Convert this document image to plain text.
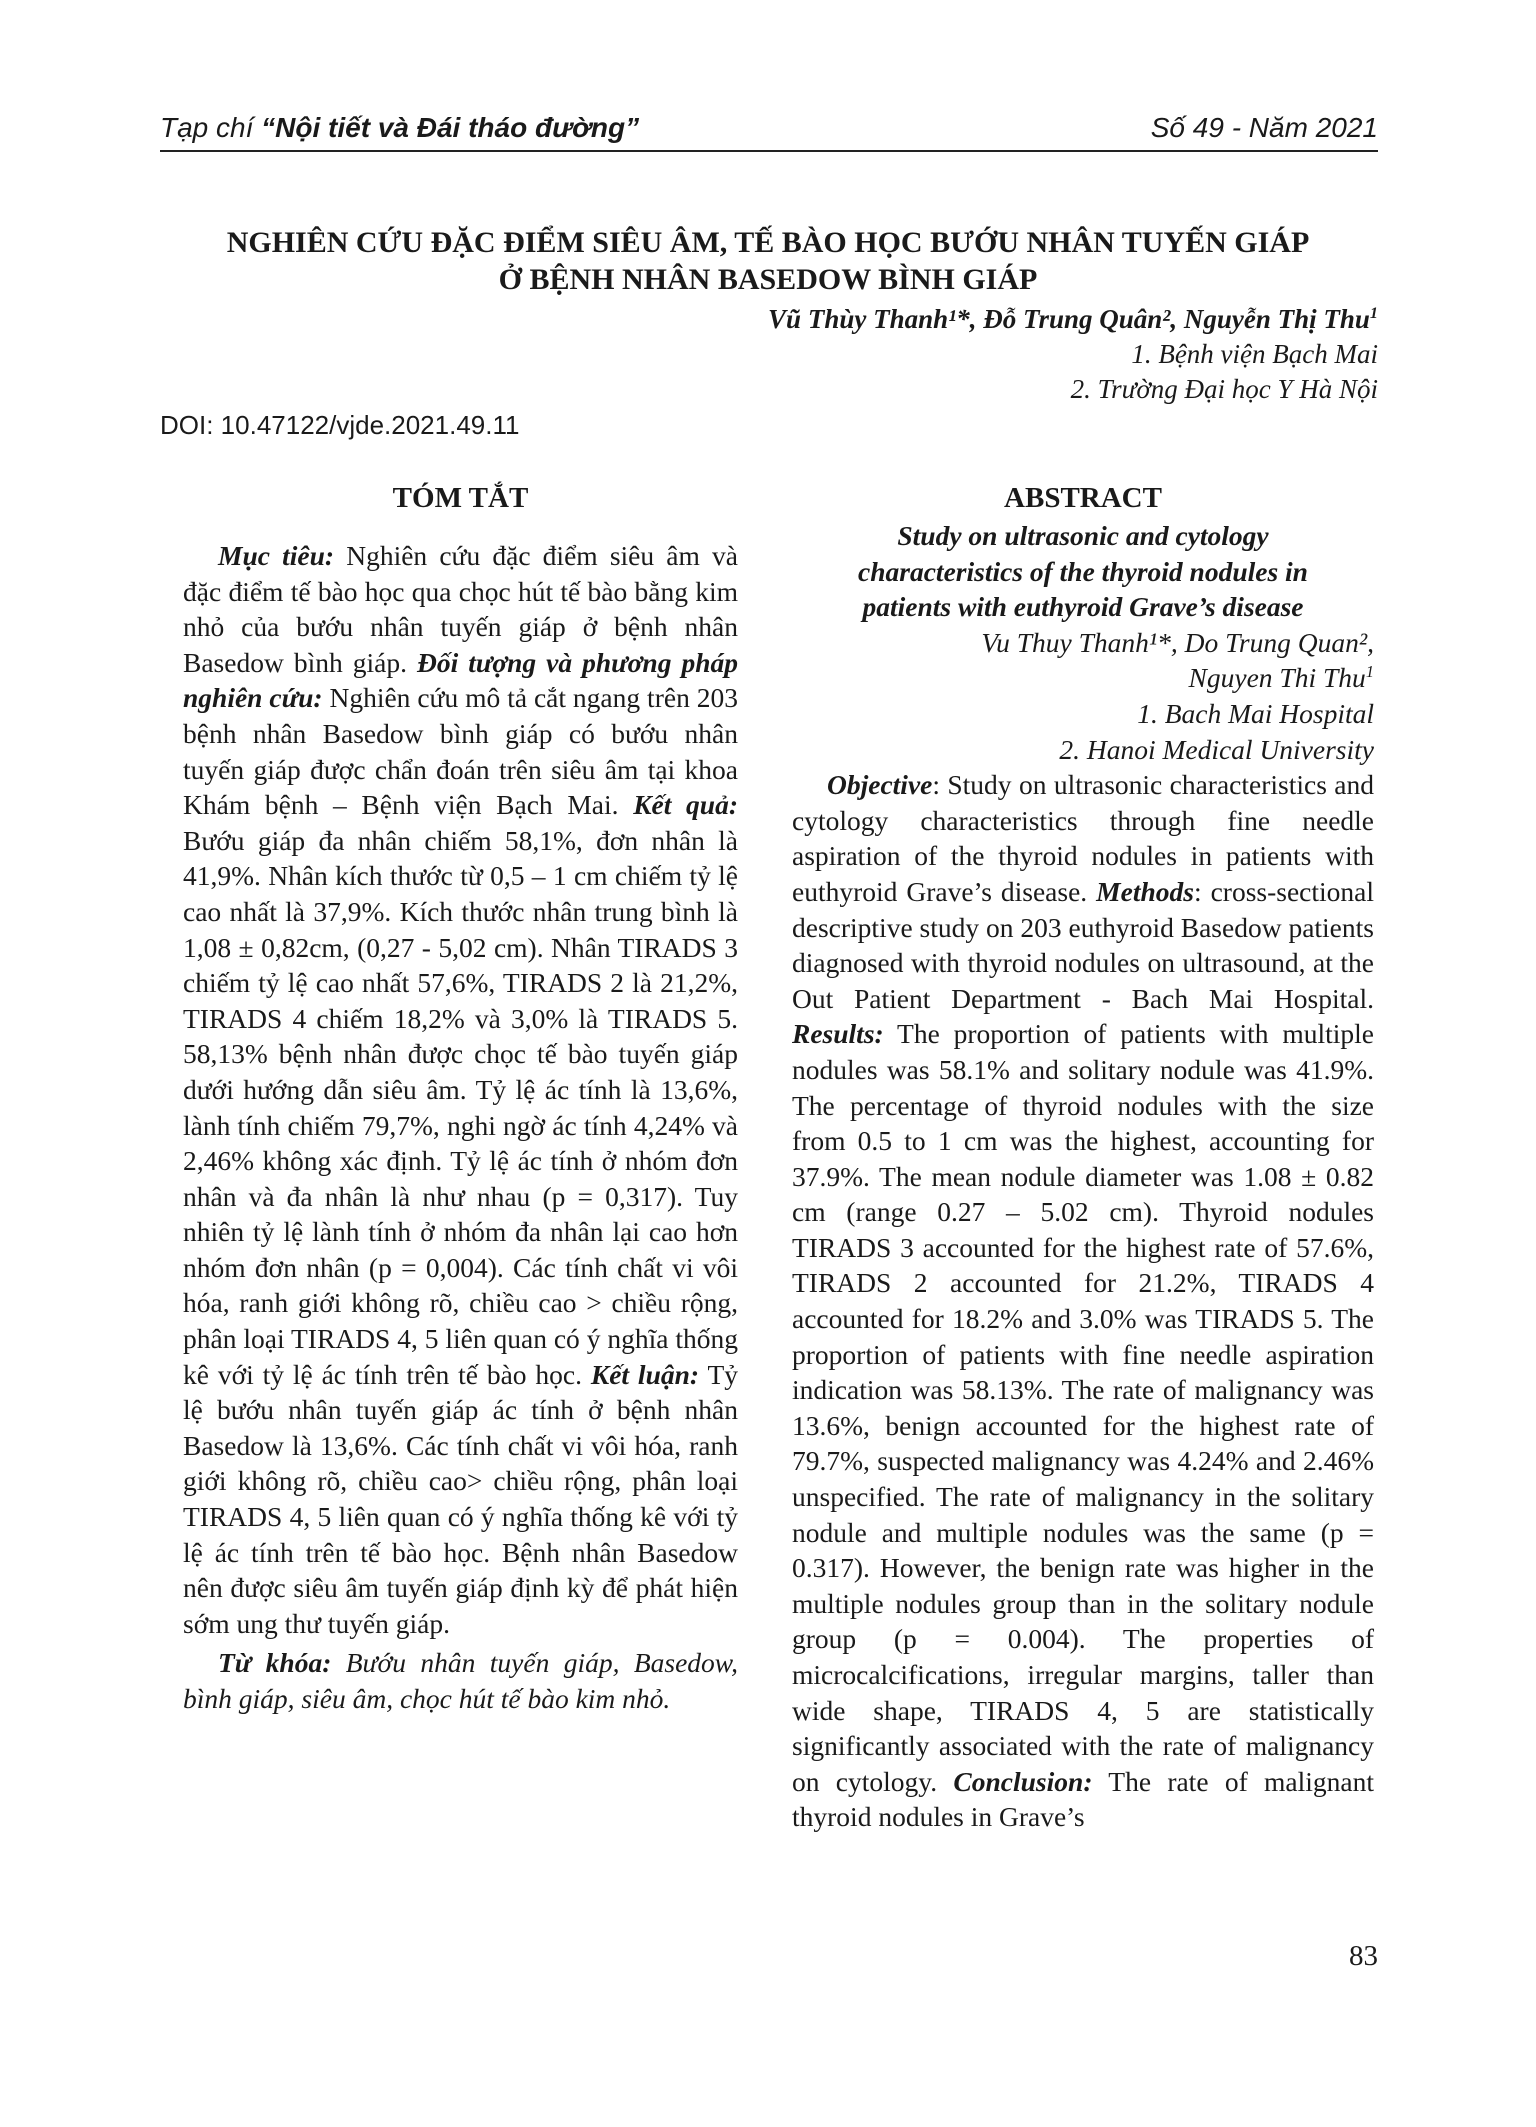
Tạp chí “Nội tiết và Đái tháo đường”	Số 49 - Năm 2021
NGHIÊN CỨU ĐẶC ĐIỂM SIÊU ÂM, TẾ BÀO HỌC BƯỚU NHÂN TUYẾN GIÁP
Ở BỆNH NHÂN BASEDOW BÌNH GIÁP
Vũ Thùy Thanh¹*, Đỗ Trung Quân², Nguyễn Thị Thu$^1$
1. Bệnh viện Bạch Mai
2. Trường Đại học Y Hà Nội
DOI: 10.47122/vjde.2021.49.11
TÓM TẮT

Mục tiêu: Nghiên cứu đặc điểm siêu âm và đặc điểm tế bào học qua chọc hút tế bào bằng kim nhỏ của bướu nhân tuyến giáp ở bệnh nhân Basedow bình giáp. Đối tượng và phương pháp nghiên cứu: Nghiên cứu mô tả cắt ngang trên 203 bệnh nhân Basedow bình giáp có bướu nhân tuyến giáp được chẩn đoán trên siêu âm tại khoa Khám bệnh – Bệnh viện Bạch Mai. Kết quả: Bướu giáp đa nhân chiếm 58,1%, đơn nhân là 41,9%. Nhân kích thước từ 0,5 – 1 cm chiếm tỷ lệ cao nhất là 37,9%. Kích thước nhân trung bình là 1,08 ± 0,82cm, (0,27 - 5,02 cm). Nhân TIRADS 3 chiếm tỷ lệ cao nhất 57,6%, TIRADS 2 là 21,2%, TIRADS 4 chiếm 18,2% và 3,0% là TIRADS 5. 58,13% bệnh nhân được chọc tế bào tuyến giáp dưới hướng dẫn siêu âm. Tỷ lệ ác tính là 13,6%, lành tính chiếm 79,7%, nghi ngờ ác tính 4,24% và 2,46% không xác định. Tỷ lệ ác tính ở nhóm đơn nhân và đa nhân là như nhau (p = 0,317). Tuy nhiên tỷ lệ lành tính ở nhóm đa nhân lại cao hơn nhóm đơn nhân (p = 0,004). Các tính chất vi vôi hóa, ranh giới không rõ, chiều cao > chiều rộng, phân loại TIRADS 4, 5 liên quan có ý nghĩa thống kê với tỷ lệ ác tính trên tế bào học. Kết luận: Tỷ lệ bướu nhân tuyến giáp ác tính ở bệnh nhân Basedow là 13,6%. Các tính chất vi vôi hóa, ranh giới không rõ, chiều cao> chiều rộng, phân loại TIRADS 4, 5 liên quan có ý nghĩa thống kê với tỷ lệ ác tính trên tế bào học. Bệnh nhân Basedow nên được siêu âm tuyến giáp định kỳ để phát hiện sớm ung thư tuyến giáp.

Từ khóa: Bướu nhân tuyến giáp, Basedow, bình giáp, siêu âm, chọc hút tế bào kim nhỏ.

ABSTRACT
Study on ultrasonic and cytology
characteristics of the thyroid nodules in
patients with euthyroid Grave’s disease
Vu Thuy Thanh¹*, Do Trung Quan²,
Nguyen Thi Thu$^1$
1. Bach Mai Hospital
2. Hanoi Medical University

Objective: Study on ultrasonic characteristics and cytology characteristics through fine needle aspiration of the thyroid nodules in patients with euthyroid Grave’s disease. Methods: cross-sectional descriptive study on 203 euthyroid Basedow patients diagnosed with thyroid nodules on ultrasound, at the Out Patient Department - Bach Mai Hospital. Results: The proportion of patients with multiple nodules was 58.1% and solitary nodule was 41.9%. The percentage of thyroid nodules with the size from 0.5 to 1 cm was the highest, accounting for 37.9%. The mean nodule diameter was 1.08 ± 0.82 cm (range 0.27 – 5.02 cm). Thyroid nodules TIRADS 3 accounted for the highest rate of 57.6%, TIRADS 2 accounted for 21.2%, TIRADS 4 accounted for 18.2% and 3.0% was TIRADS 5. The proportion of patients with fine needle aspiration indication was 58.13%. The rate of malignancy was 13.6%, benign accounted for the highest rate of 79.7%, suspected malignancy was 4.24% and 2.46% unspecified. The rate of malignancy in the solitary nodule and multiple nodules was the same (p = 0.317). However, the benign rate was higher in the multiple nodules group than in the solitary nodule group (p = 0.004). The properties of microcalcifications, irregular margins, taller than wide shape, TIRADS 4, 5 are statistically significantly associated with the rate of malignancy on cytology. Conclusion: The rate of malignant thyroid nodules in Grave’s

83
